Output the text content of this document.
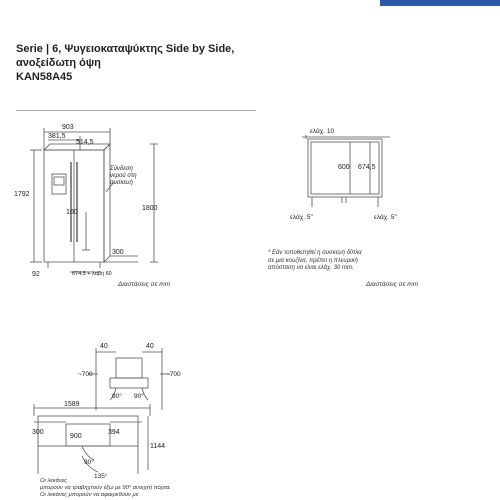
Serie | 6, Ψυγειοκαταψύκτης Side by Side,
ανοξείδωτη όψη
KAN58A45
903
381,5
514,5
1792
1800
100
300
92	674,5 + λαβή 60
Σύνδεση
νερού στη
συσκευή
Διαστάσεις σε mm
ελάχ. 10
600 674,5
ελάχ. 5"	ελάχ. 5"
* Εάν τοποθετηθεί η συσκευή δίπλα
σε μια κουζίνα, πρέπει η πλευρική
απόσταση να είναι ελάχ. 30 mm.
Διαστάσεις σε mm
40	40
~700	~700
90° 90°
1589
300
900
394
1144
90°
135°
Οι λεκάνες
μπορούν να τραβηχτούν έξω με 90° ανοιχτή πόρτα.
Οι λεκάνες μπορούν να αφαιρεθούν με
